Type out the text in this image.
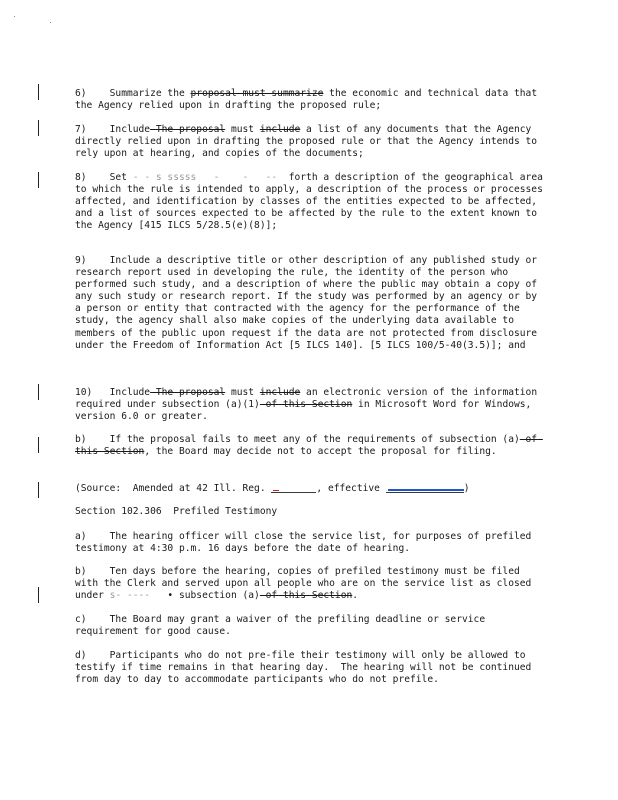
6)    Summarize the proposal must summarize the economic and technical data that the Agency relied upon in drafting the proposed rule;
7)    Include The proposal must include a list of any documents that the Agency directly relied upon in drafting the proposed rule or that the Agency intends to rely upon at hearing, and copies of the documents;
8)    Set - - s sssss   -    -   --  forth a description of the geographical area to which the rule is intended to apply, a description of the process or processes affected, and identification by classes of the entities expected to be affected, and a list of sources expected to be affected by the rule to the extent known to the Agency [415 ILCS 5/28.5(e)(8)];
9)    Include a descriptive title or other description of any published study or research report used in developing the rule, the identity of the person who performed such study, and a description of where the public may obtain a copy of any such study or research report. If the study was performed by an agency or by a person or entity that contracted with the agency for the performance of the study, the agency shall also make copies of the underlying data available to members of the public upon request if the data are not protected from disclosure under the Freedom of Information Act [5 ILCS 140]. [5 ILCS 100/5-40(3.5)]; and
10)   Include The proposal must include an electronic version of the information required under subsection (a)(1) of this Section in Microsoft Word for Windows, version 6.0 or greater.
b)    If the proposal fails to meet any of the requirements of subsection (a) of this Section, the Board may decide not to accept the proposal for filing.
(Source:  Amended at 42 Ill. Reg.	, effective	)
Section 102.306  Prefiled Testimony
a)    The hearing officer will close the service list, for purposes of prefiled testimony at 4:30 p.m. 16 days before the date of hearing.
b)    Ten days before the hearing, copies of prefiled testimony must be filed with the Clerk and served upon all people who are on the service list as closed under s- ----   • subsection (a) of this Section.
c)    The Board may grant a waiver of the prefiling deadline or service requirement for good cause.
d)    Participants who do not pre-file their testimony will only be allowed to testify if time remains in that hearing day.  The hearing will not be continued from day to day to accommodate participants who do not prefile.
